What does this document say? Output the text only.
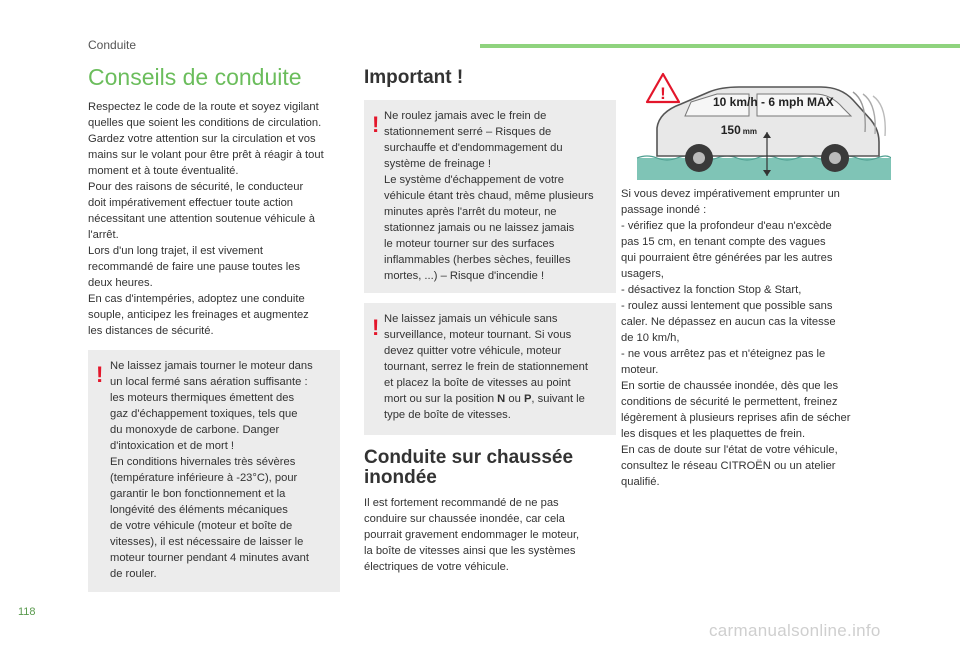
Conduite
Conseils de conduite
Respectez le code de la route et soyez vigilant
quelles que soient les conditions de circulation.
Gardez votre attention sur la circulation et vos
mains sur le volant pour être prêt à réagir à tout
moment et à toute éventualité.
Pour des raisons de sécurité, le conducteur
doit impérativement effectuer toute action
nécessitant une attention soutenue véhicule à
l'arrêt.
Lors d'un long trajet, il est vivement
recommandé de faire une pause toutes les
deux heures.
En cas d'intempéries, adoptez une conduite
souple, anticipez les freinages et augmentez
les distances de sécurité.
! Ne laissez jamais tourner le moteur dans
un local fermé sans aération suffisante :
les moteurs thermiques émettent des
gaz d'échappement toxiques, tels que
du monoxyde de carbone. Danger
d'intoxication et de mort !
En conditions hivernales très sévères
(température inférieure à -23°C), pour
garantir le bon fonctionnement et la
longévité des éléments mécaniques
de votre véhicule (moteur et boîte de
vitesses), il est nécessaire de laisser le
moteur tourner pendant 4 minutes avant
de rouler.
Important !
! Ne roulez jamais avec le frein de
stationnement serré – Risques de
surchauffe et d'endommagement du
système de freinage !
Le système d'échappement de votre
véhicule étant très chaud, même plusieurs
minutes après l'arrêt du moteur, ne
stationnez jamais ou ne laissez jamais
le moteur tourner sur des surfaces
inflammables (herbes sèches, feuilles
mortes, ...) – Risque d'incendie !
! Ne laissez jamais un véhicule sans
surveillance, moteur tournant. Si vous
devez quitter votre véhicule, moteur
tournant, serrez le frein de stationnement
et placez la boîte de vitesses au point
mort ou sur la position N ou P, suivant le
type de boîte de vitesses.
Conduite sur chaussée inondée
Il est fortement recommandé de ne pas
conduire sur chaussée inondée, car cela
pourrait gravement endommager le moteur,
la boîte de vitesses ainsi que les systèmes
électriques de votre véhicule.
150 mm
10 km/h - 6 mph MAX
!
Si vous devez impérativement emprunter un
passage inondé :
- vérifiez que la profondeur d'eau n'excède
pas 15 cm, en tenant compte des vagues
qui pourraient être générées par les autres
usagers,
- désactivez la fonction Stop & Start,
- roulez aussi lentement que possible sans
caler. Ne dépassez en aucun cas la vitesse
de 10 km/h,
- ne vous arrêtez pas et n'éteignez pas le
moteur.
En sortie de chaussée inondée, dès que les
conditions de sécurité le permettent, freinez
légèrement à plusieurs reprises afin de sécher
les disques et les plaquettes de frein.
En cas de doute sur l'état de votre véhicule,
consultez le réseau CITROËN ou un atelier
qualifié.
118
carmanualsonline.info
